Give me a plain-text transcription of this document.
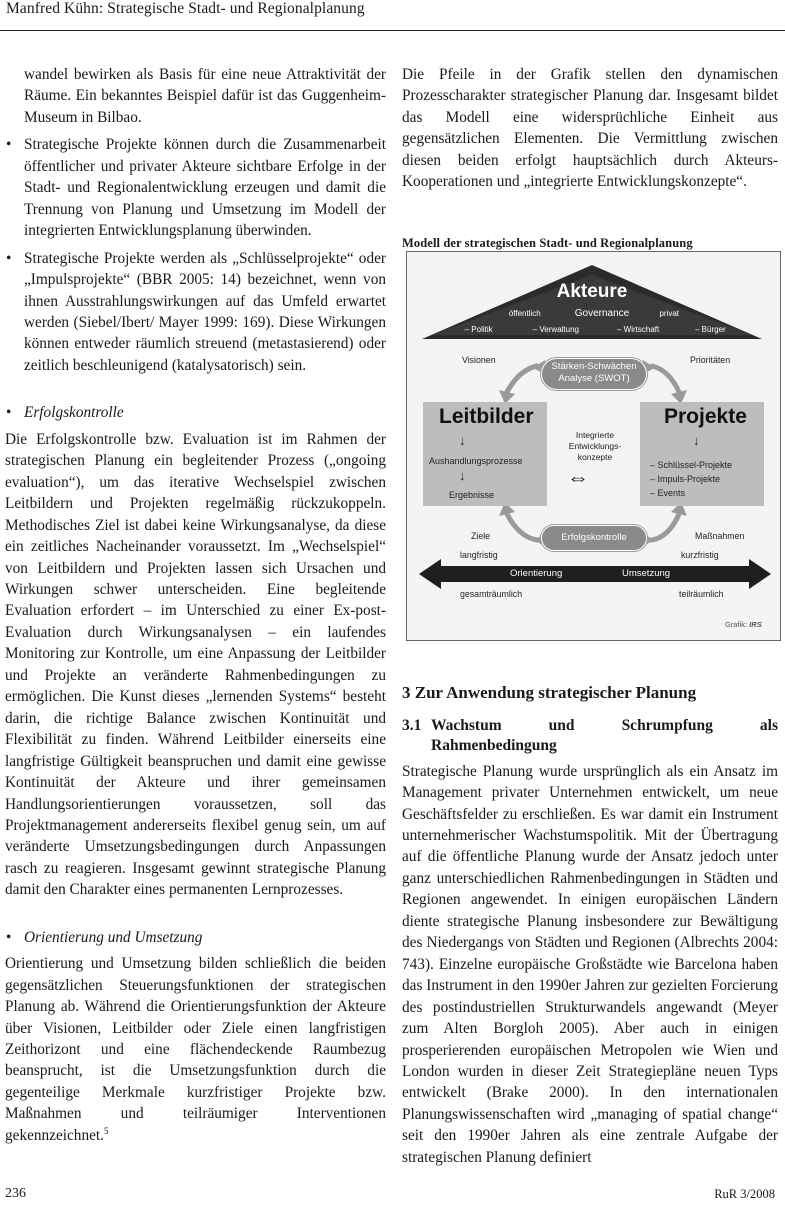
Manfred Kühn: Strategische Stadt- und Regionalplanung

wandel bewirken als Basis für eine neue Attraktivität der Räume. Ein bekanntes Beispiel dafür ist das Guggenheim-Museum in Bilbao.

• Strategische Projekte können durch die Zusammenarbeit öffentlicher und privater Akteure sichtbare Erfolge in der Stadt- und Regionalentwicklung erzeugen und damit die Trennung von Planung und Umsetzung im Modell der integrierten Entwicklungsplanung überwinden.

• Strategische Projekte werden als „Schlüsselprojekte“ oder „Impulsprojekte“ (BBR 2005: 14) bezeichnet, wenn von ihnen Ausstrahlungswirkungen auf das Umfeld erwartet werden (Siebel/Ibert/ Mayer 1999: 169). Diese Wirkungen können entweder räumlich streuend (metastasierend) oder zeitlich beschleunigend (katalysatorisch) sein.

• Erfolgskontrolle

Die Erfolgskontrolle bzw. Evaluation ist im Rahmen der strategischen Planung ein begleitender Prozess („ongoing evaluation“), um das iterative Wechselspiel zwischen Leitbildern und Projekten regelmäßig rückzukoppeln. Methodisches Ziel ist dabei keine Wirkungsanalyse, da diese ein zeitliches Nacheinander voraussetzt. Im „Wechselspiel“ von Leitbildern und Projekten lassen sich Ursachen und Wirkungen schwer unterscheiden. Eine begleitende Evaluation erfordert – im Unterschied zu einer Ex-post-Evaluation durch Wirkungsanalysen – ein laufendes Monitoring zur Kontrolle, um eine Anpassung der Leitbilder und Projekte an veränderte Rahmenbedingungen zu ermöglichen. Die Kunst dieses „lernenden Systems“ besteht darin, die richtige Balance zwischen Kontinuität und Flexibilität zu finden. Während Leitbilder einerseits eine langfristige Gültigkeit beanspruchen und damit eine gewisse Kontinuität der Akteure und ihrer gemeinsamen Handlungsorientierungen voraussetzen, soll das Projektmanagement andererseits flexibel genug sein, um auf veränderte Umsetzungsbedingungen durch Anpassungen rasch zu reagieren. Insgesamt gewinnt strategische Planung damit den Charakter eines permanenten Lernprozesses.

• Orientierung und Umsetzung

Orientierung und Umsetzung bilden schließlich die beiden gegensätzlichen Steuerungsfunktionen der strategischen Planung ab. Während die Orientierungsfunktion der Akteure über Visionen, Leitbilder oder Ziele einen langfristigen Zeithorizont und eine flächendeckende Raumbezug beansprucht, ist die Umsetzungsfunktion durch die gegenteilige Merkmale kurzfristiger Projekte bzw. Maßnahmen und teilräumiger Interventionen gekennzeichnet.$^5$

Die Pfeile in der Grafik stellen den dynamischen Prozesscharakter strategischer Planung dar. Insgesamt bildet das Modell eine widersprüchliche Einheit aus gegensätzlichen Elementen. Die Vermittlung zwischen diesen beiden erfolgt hauptsächlich durch Akteurs-Kooperationen und „integrierte Entwicklungskonzepte“.

Modell der strategischen Stadt- und Regionalplanung

3 Zur Anwendung strategischer Planung

3.1 Wachstum und Schrumpfung als Rahmenbedingung

Strategische Planung wurde ursprünglich als ein Ansatz im Management privater Unternehmen entwickelt, um neue Geschäftsfelder zu erschließen. Es war damit ein Instrument unternehmerischer Wachstumspolitik. Mit der Übertragung auf die öffentliche Planung wurde der Ansatz jedoch unter ganz unterschiedlichen Rahmenbedingungen in Städten und Regionen angewendet. In einigen europäischen Ländern diente strategische Planung insbesondere zur Bewältigung des Niedergangs von Städten und Regionen (Albrechts 2004: 743). Einzelne europäische Großstädte wie Barcelona haben das Instrument in den 1990er Jahren zur gezielten Forcierung des postindustriellen Strukturwandels angewandt (Meyer zum Alten Borgloh 2005). Aber auch in einigen prosperierenden europäischen Metropolen wie Wien und London wurden in dieser Zeit Strategiepläne neuen Typs entwickelt (Brake 2000). In den internationalen Planungswissenschaften wird „managing of spatial change“ seit den 1990er Jahren als eine zentrale Aufgabe der strategischen Planung definiert

Akteure
öffentlich	Governance	privat
– Politik	– Verwaltung	– Wirtschaft	– Bürger
Visionen
Stärken-Schwächen Analyse (SWOT)
Prioritäten
Leitbilder
↓
Aushandlungsprozesse
↓
Ergebnisse
Integrierte Entwicklungs-konzepte
⇔
Projekte
↓
– Schlüssel-Projekte
– Impuls-Projekte
– Events
Ziele	Erfolgskontrolle	Maßnahmen
langfristig	kurzfristig
Orientierung	Umsetzung
gesamträumlich	teilräumlich
Grafik: IRS
236	RuR 3/2008
